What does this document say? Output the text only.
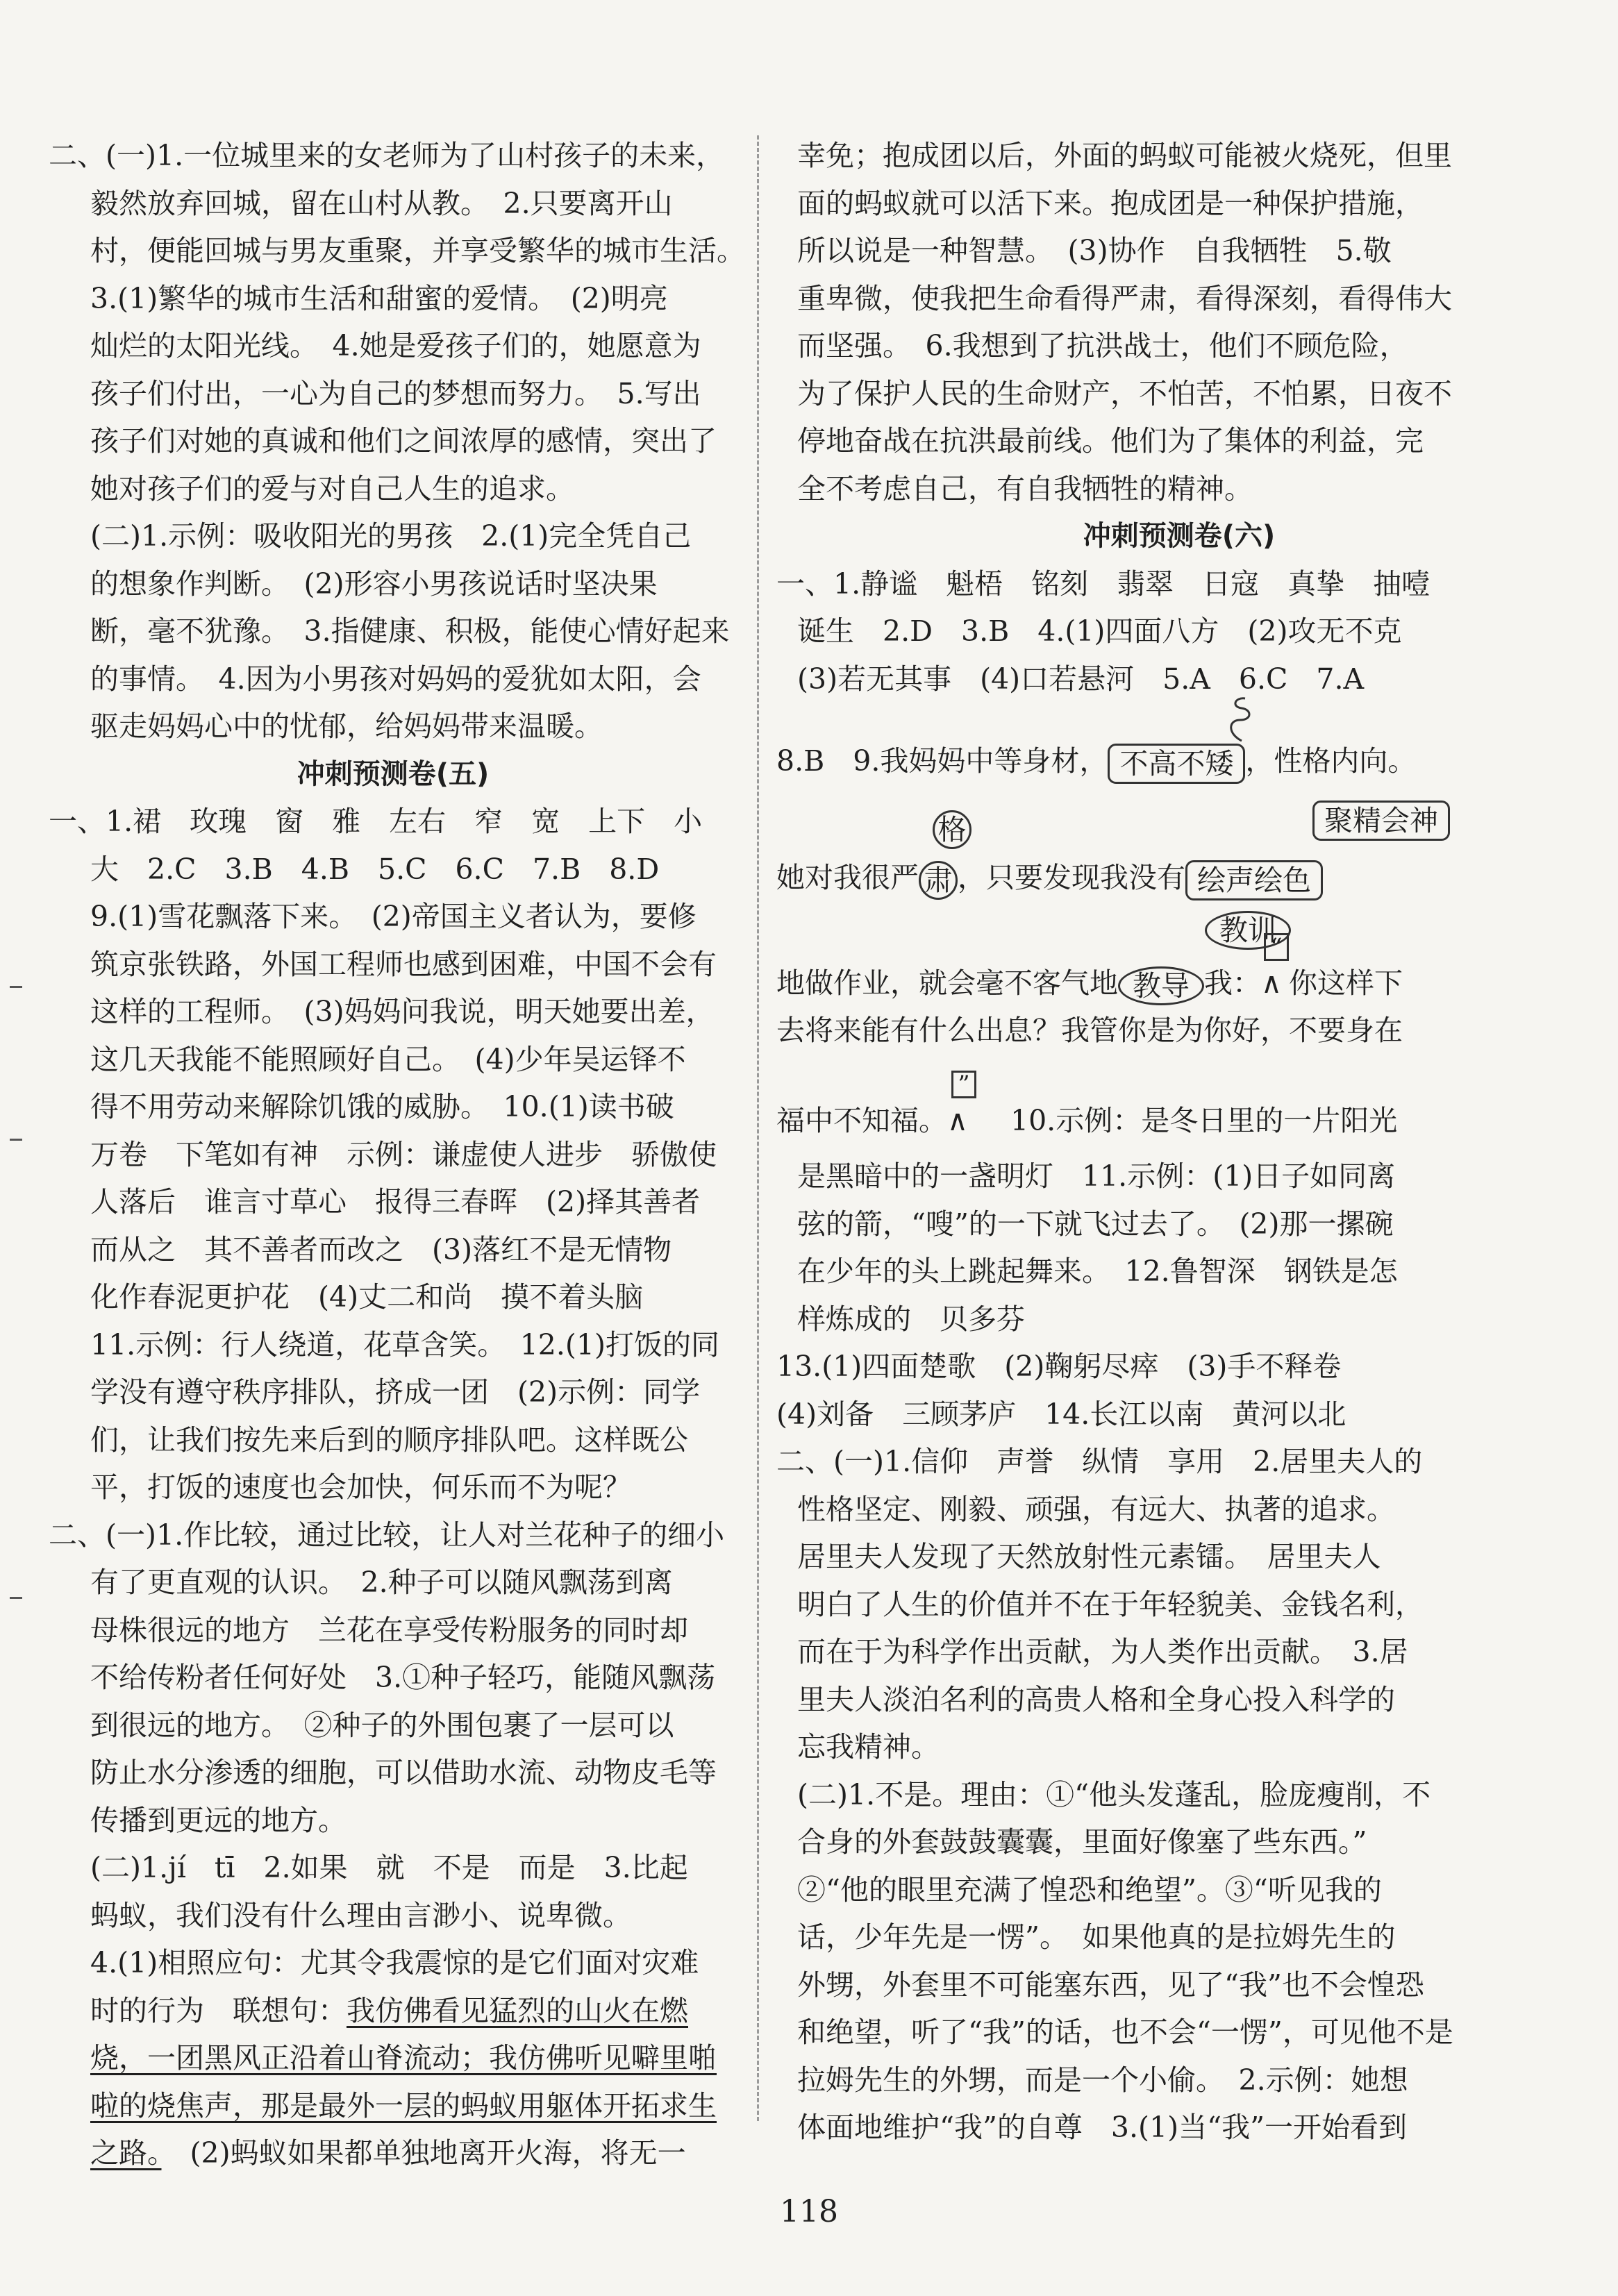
二、(一)1.一位城里来的女老师为了山村孩子的未来，
毅然放弃回城，留在山村从教。　2.只要离开山
村，便能回城与男友重聚，并享受繁华的城市生活。
3.(1)繁华的城市生活和甜蜜的爱情。　(2)明亮
灿烂的太阳光线。　4.她是爱孩子们的，她愿意为
孩子们付出，一心为自己的梦想而努力。　5.写出
孩子们对她的真诚和他们之间浓厚的感情，突出了
她对孩子们的爱与对自己人生的追求。
(二)1.示例：吸收阳光的男孩　2.(1)完全凭自己
的想象作判断。　(2)形容小男孩说话时坚决果
断，毫不犹豫。　3.指健康、积极，能使心情好起来
的事情。　4.因为小男孩对妈妈的爱犹如太阳，会
驱走妈妈心中的忧郁，给妈妈带来温暖。
冲刺预测卷(五)
一、1.裙　玫瑰　窗　雅　左右　窄　宽　上下　小
大　2.C　3.B　4.B　5.C　6.C　7.B　8.D
9.(1)雪花飘落下来。　(2)帝国主义者认为，要修
筑京张铁路，外国工程师也感到困难，中国不会有
这样的工程师。　(3)妈妈问我说，明天她要出差，
这几天我能不能照顾好自己。　(4)少年吴运铎不
得不用劳动来解除饥饿的威胁。　10.(1)读书破
万卷　下笔如有神　示例：谦虚使人进步　骄傲使
人落后　谁言寸草心　报得三春晖　(2)择其善者
而从之　其不善者而改之　(3)落红不是无情物
化作春泥更护花　(4)丈二和尚　摸不着头脑
11.示例：行人绕道，花草含笑。　12.(1)打饭的同
学没有遵守秩序排队，挤成一团　(2)示例：同学
们，让我们按先来后到的顺序排队吧。这样既公
平，打饭的速度也会加快，何乐而不为呢？
二、(一)1.作比较，通过比较，让人对兰花种子的细小
有了更直观的认识。　2.种子可以随风飘荡到离
母株很远的地方　兰花在享受传粉服务的同时却
不给传粉者任何好处　3.①种子轻巧，能随风飘荡
到很远的地方。　②种子的外围包裹了一层可以
防止水分渗透的细胞，可以借助水流、动物皮毛等
传播到更远的地方。
(二)1.jí　tī　2.如果　就　不是　而是　3.比起
蚂蚁，我们没有什么理由言渺小、说卑微。
4.(1)相照应句：尤其令我震惊的是它们面对灾难
时的行为　联想句：我仿佛看见猛烈的山火在燃
烧，一团黑风正沿着山脊流动；我仿佛听见噼里啪
啦的烧焦声，那是最外一层的蚂蚁用躯体开拓求生
之路。　(2)蚂蚁如果都单独地离开火海，将无一
幸免；抱成团以后，外面的蚂蚁可能被火烧死，但里
面的蚂蚁就可以活下来。抱成团是一种保护措施，
所以说是一种智慧。　(3)协作　自我牺牲　5.敬
重卑微，使我把生命看得严肃，看得深刻，看得伟大
而坚强。　6.我想到了抗洪战士，他们不顾危险，
为了保护人民的生命财产，不怕苦，不怕累，日夜不
停地奋战在抗洪最前线。他们为了集体的利益，完
全不考虑自己，有自我牺牲的精神。
冲刺预测卷(六)
一、1.静谧　魁梧　铭刻　翡翠　日寇　真挚　抽噎
诞生　2.D　3.B　4.(1)四面八方　(2)攻无不克
(3)若无其事　(4)口若悬河　5.A　6.C　7.A
8.B　9.我妈妈中等身材， 不高不矮 ，性格内向。
聚精会神
格
她对我很严 肃 ，只要发现我没有 绘声绘色
教训
地做作业，就会毫不客气地 教导 我：
“
∧ 你这样下
去将来能有什么出息？我管你是为你好，不要身在
福中不知福。
”
∧　10.示例：是冬日里的一片阳光
是黑暗中的一盏明灯　11.示例：(1)日子如同离
弦的箭，“嗖”的一下就飞过去了。　(2)那一摞碗
在少年的头上跳起舞来。　12.鲁智深　钢铁是怎
样炼成的　贝多芬
13.(1)四面楚歌　(2)鞠躬尽瘁　(3)手不释卷
(4)刘备　三顾茅庐　14.长江以南　黄河以北
二、(一)1.信仰　声誉　纵情　享用　2.居里夫人的
性格坚定、刚毅、顽强，有远大、执著的追求。
居里夫人发现了天然放射性元素镭。　居里夫人
明白了人生的价值并不在于年轻貌美、金钱名利，
而在于为科学作出贡献，为人类作出贡献。　3.居
里夫人淡泊名利的高贵人格和全身心投入科学的
忘我精神。
(二)1.不是。理由：①“他头发蓬乱，脸庞瘦削，不
合身的外套鼓鼓囊囊，里面好像塞了些东西。”
②“他的眼里充满了惶恐和绝望”。③“听见我的
话，少年先是一愣”。　如果他真的是拉姆先生的
外甥，外套里不可能塞东西，见了“我”也不会惶恐
和绝望，听了“我”的话，也不会“一愣”，可见他不是
拉姆先生的外甥，而是一个小偷。　2.示例：她想
体面地维护“我”的自尊　3.(1)当“我”一开始看到
118
